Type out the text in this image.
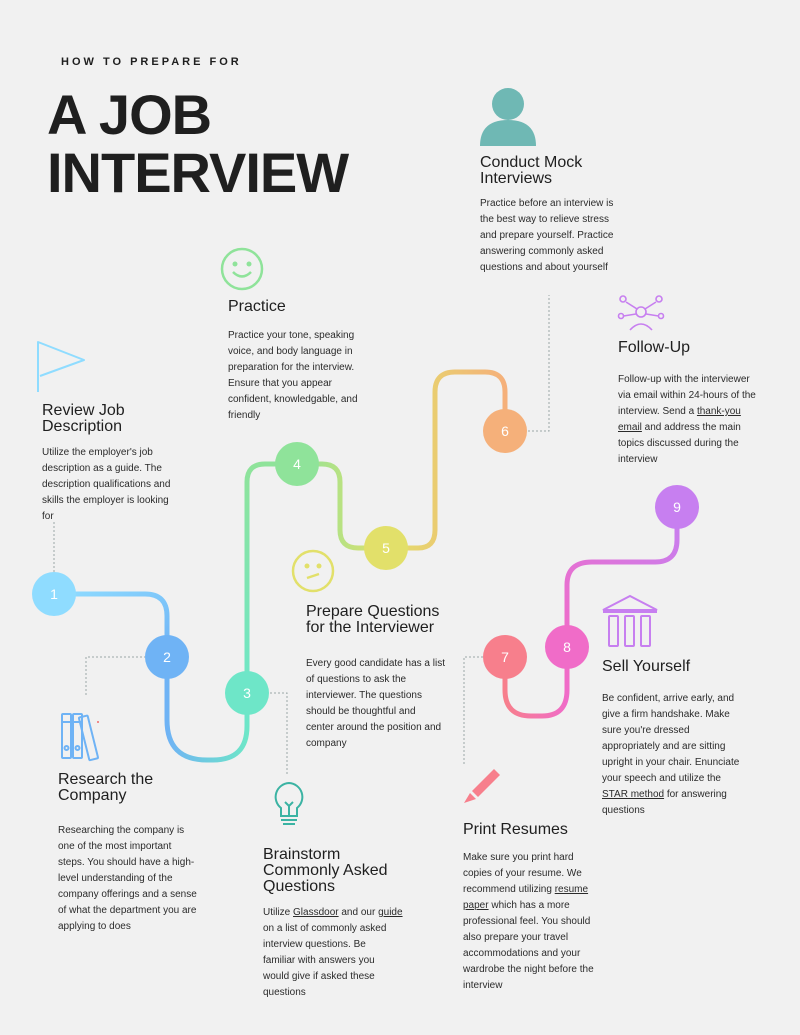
HOW TO PREPARE FOR
A JOB
INTERVIEW
1
2
3
4
5
6
7
8
9
Review Job
Description
Utilize the employer's job
description as a guide. The
description qualifications and
skills the employer is looking
for
Research the
Company
Researching the company is
one of the most important
steps. You should have a high-
level understanding of the
company offerings and a sense
of what the department you are
applying to does
Brainstorm
Commonly Asked
Questions
Utilize Glassdoor and our guide
on a list of commonly asked
interview questions. Be
familiar with answers you
would give if asked these
questions
Practice
Practice your tone, speaking
voice, and body language in
preparation for the interview.
Ensure that you appear
confident, knowledgable, and
friendly
Prepare Questions
for the Interviewer
Every good candidate has a list
of questions to ask the
interviewer. The questions
should be thoughtful and
center around the position and
company
Conduct Mock
Interviews
Practice before an interview is
the best way to relieve stress
and prepare yourself. Practice
answering commonly asked
questions and about yourself
Print Resumes
Make sure you print hard
copies of your resume. We
recommend utilizing resume
paper which has a more
professional feel. You should
also prepare your travel
accommodations and your
wardrobe the night before the
interview
Sell Yourself
Be confident, arrive early, and
give a firm handshake. Make
sure you're dressed
appropriately and are sitting
upright in your chair. Enunciate
your speech and utilize the
STAR method for answering
questions
Follow-Up
Follow-up with the interviewer
via email within 24-hours of the
interview. Send a thank-you
email and address the main
topics discussed during the
interview
